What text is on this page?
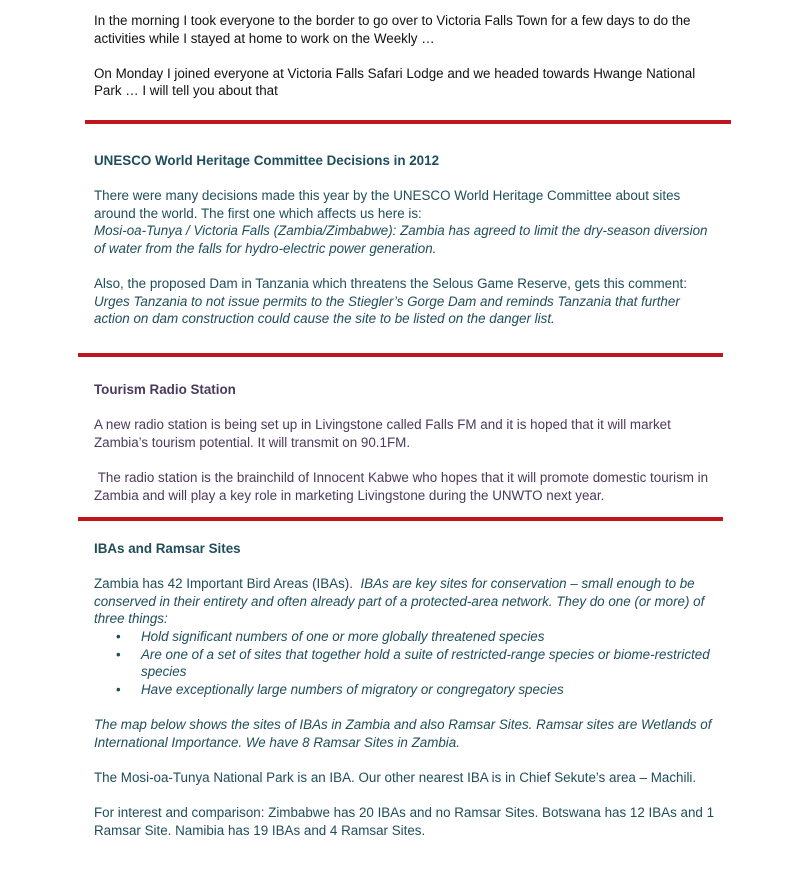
In the morning I took everyone to the border to go over to Victoria Falls Town for a few days to do the activities while I stayed at home to work on the Weekly …

On Monday I joined everyone at Victoria Falls Safari Lodge and we headed towards Hwange National Park … I will tell you about that

UNESCO World Heritage Committee Decisions in 2012

There were many decisions made this year by the UNESCO World Heritage Committee about sites around the world. The first one which affects us here is:

Mosi-oa-Tunya / Victoria Falls (Zambia/Zimbabwe): Zambia has agreed to limit the dry-season diversion of water from the falls for hydro-electric power generation.

Also, the proposed Dam in Tanzania which threatens the Selous Game Reserve, gets this comment:

Urges Tanzania to not issue permits to the Stiegler’s Gorge Dam and reminds Tanzania that further action on dam construction could cause the site to be listed on the danger list.

Tourism Radio Station

A new radio station is being set up in Livingstone called Falls FM and it is hoped that it will market Zambia’s tourism potential. It will transmit on 90.1FM.

The radio station is the brainchild of Innocent Kabwe who hopes that it will promote domestic tourism in Zambia and will play a key role in marketing Livingstone during the UNWTO next year.

IBAs and Ramsar Sites

Zambia has 42 Important Bird Areas (IBAs).  IBAs are key sites for conservation – small enough to be conserved in their entirety and often already part of a protected-area network. They do one (or more) of three things:

• Hold significant numbers of one or more globally threatened species
• Are one of a set of sites that together hold a suite of restricted-range species or biome-restricted species
• Have exceptionally large numbers of migratory or congregatory species

The map below shows the sites of IBAs in Zambia and also Ramsar Sites. Ramsar sites are Wetlands of International Importance. We have 8 Ramsar Sites in Zambia.

The Mosi-oa-Tunya National Park is an IBA. Our other nearest IBA is in Chief Sekute’s area – Machili.

For interest and comparison: Zimbabwe has 20 IBAs and no Ramsar Sites. Botswana has 12 IBAs and 1 Ramsar Site. Namibia has 19 IBAs and 4 Ramsar Sites.
